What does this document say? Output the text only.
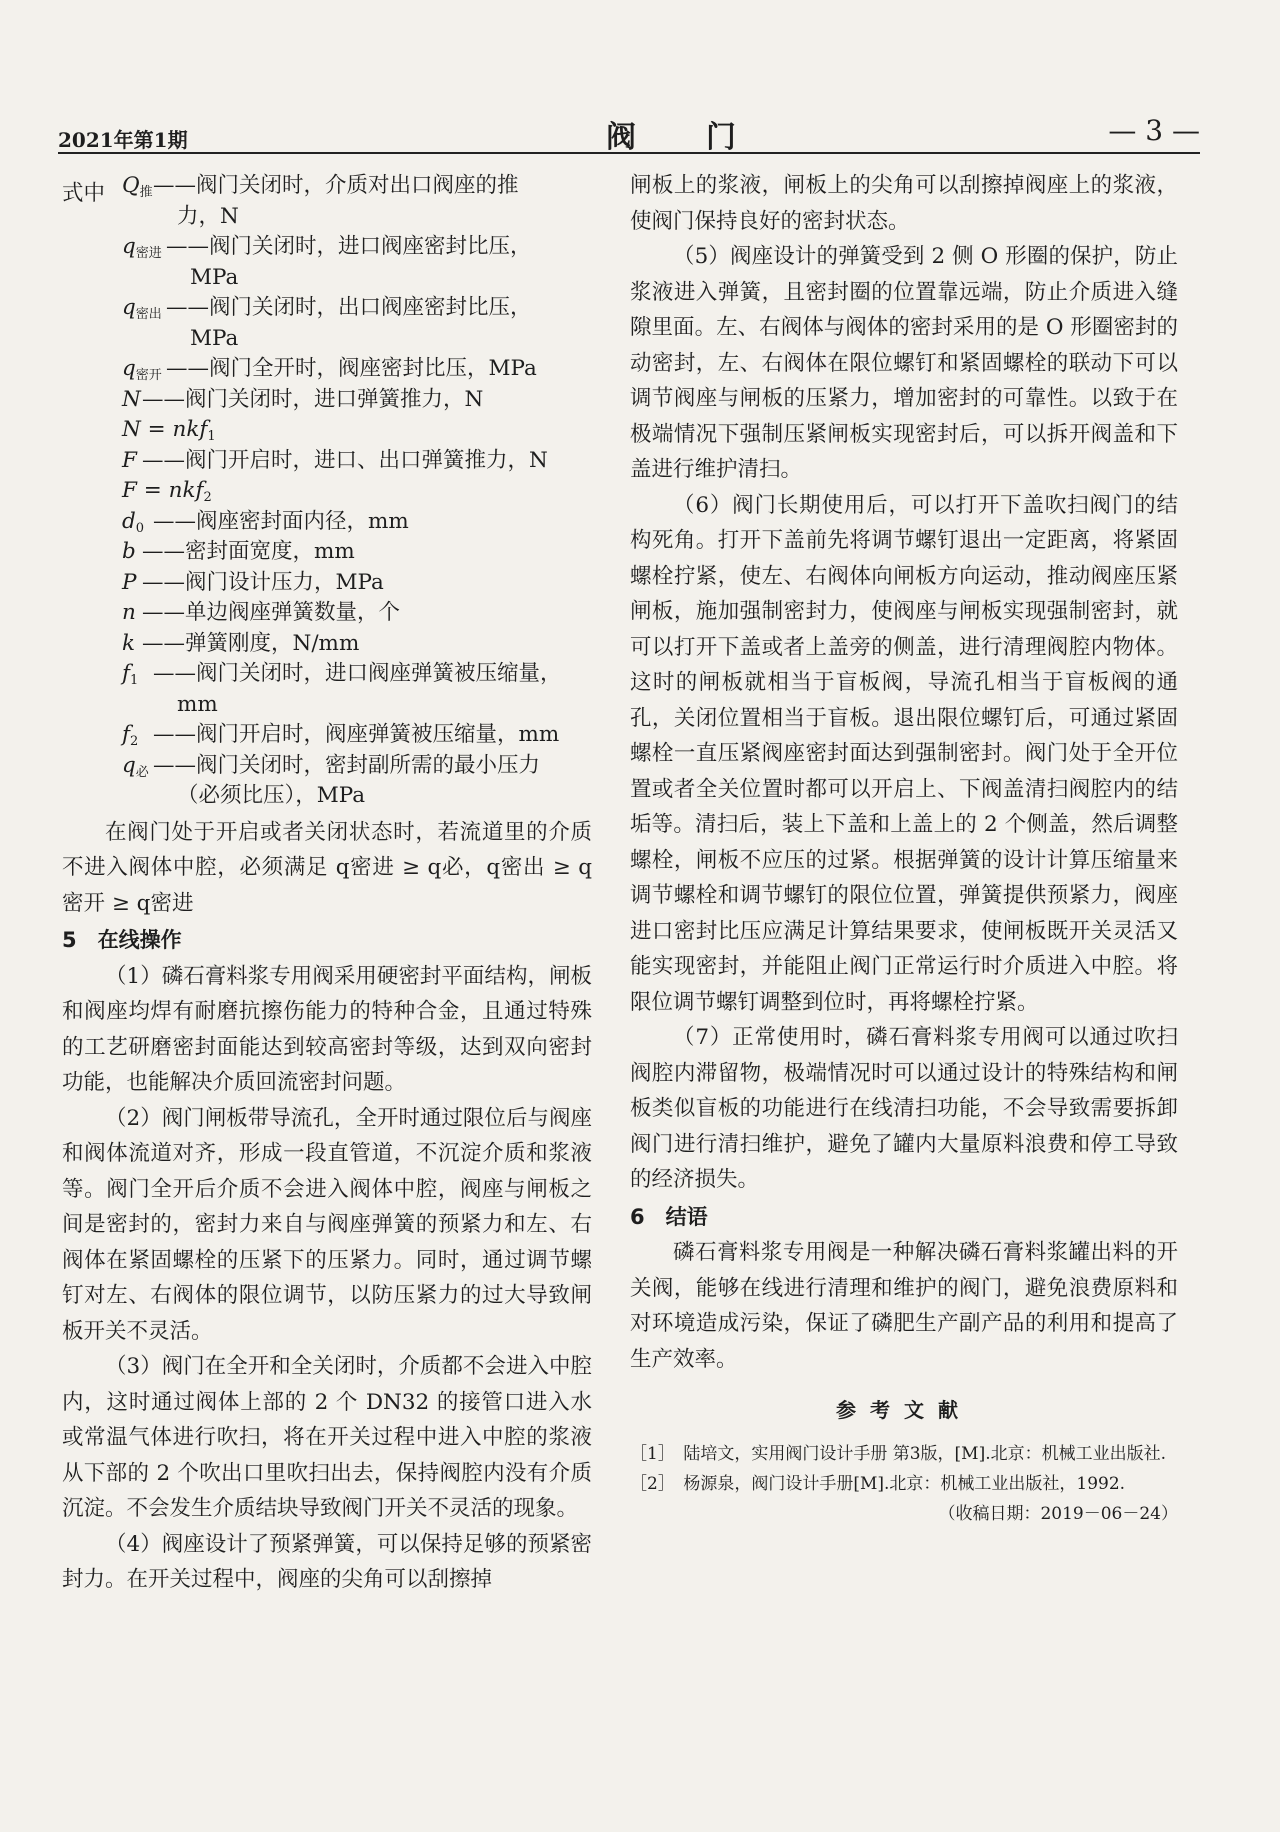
2021年第1期	阀门	— 3 —
式中 $Q_推$ ——阀门关闭时，介质对出口阀座的推
力，N
$q_{密进}$ ——阀门关闭时，进口阀座密封比压，
MPa
$q_{密出}$ ——阀门关闭时，出口阀座密封比压，
MPa
$q_{密开}$ ——阀门全开时，阀座密封比压，MPa
N ——阀门关闭时，进口弹簧推力，N
N = nkf$_1$
F ——阀门开启时，进口、出口弹簧推力，N
F = nkf$_2$
$d_0$ ——阀座密封面内径，mm
b ——密封面宽度，mm
P ——阀门设计压力，MPa
n ——单边阀座弹簧数量，个
k ——弹簧刚度，N/mm
$f_1$ ——阀门关闭时，进口阀座弹簧被压缩量，
mm
$f_2$ ——阀门开启时，阀座弹簧被压缩量，mm
$q_必$ ——阀门关闭时，密封副所需的最小压力
（必须比压），MPa

在阀门处于开启或者关闭状态时，若流道里的介质不进入阀体中腔，必须满足 q密进 ≥ q必，q密出 ≥ q密开 ≥ q密进

5　在线操作

（1）磷石膏料浆专用阀采用硬密封平面结构，闸板和阀座均焊有耐磨抗擦伤能力的特种合金，且通过特殊的工艺研磨密封面能达到较高密封等级，达到双向密封功能，也能解决介质回流密封问题。

（2）阀门闸板带导流孔，全开时通过限位后与阀座和阀体流道对齐，形成一段直管道，不沉淀介质和浆液等。阀门全开后介质不会进入阀体中腔，阀座与闸板之间是密封的，密封力来自与阀座弹簧的预紧力和左、右阀体在紧固螺栓的压紧下的压紧力。同时，通过调节螺钉对左、右阀体的限位调节，以防压紧力的过大导致闸板开关不灵活。

（3）阀门在全开和全关闭时，介质都不会进入中腔内，这时通过阀体上部的 2 个 DN32 的接管口进入水或常温气体进行吹扫，将在开关过程中进入中腔的浆液从下部的 2 个吹出口里吹扫出去，保持阀腔内没有介质沉淀。不会发生介质结块导致阀门开关不灵活的现象。

（4）阀座设计了预紧弹簧，可以保持足够的预紧密封力。在开关过程中，阀座的尖角可以刮擦掉

闸板上的浆液，闸板上的尖角可以刮擦掉阀座上的浆液，使阀门保持良好的密封状态。

（5）阀座设计的弹簧受到 2 侧 O 形圈的保护，防止浆液进入弹簧，且密封圈的位置靠远端，防止介质进入缝隙里面。左、右阀体与阀体的密封采用的是 O 形圈密封的动密封，左、右阀体在限位螺钉和紧固螺栓的联动下可以调节阀座与闸板的压紧力，增加密封的可靠性。以致于在极端情况下强制压紧闸板实现密封后，可以拆开阀盖和下盖进行维护清扫。

（6）阀门长期使用后，可以打开下盖吹扫阀门的结构死角。打开下盖前先将调节螺钉退出一定距离，将紧固螺栓拧紧，使左、右阀体向闸板方向运动，推动阀座压紧闸板，施加强制密封力，使阀座与闸板实现强制密封，就可以打开下盖或者上盖旁的侧盖，进行清理阀腔内物体。这时的闸板就相当于盲板阀，导流孔相当于盲板阀的通孔，关闭位置相当于盲板。退出限位螺钉后，可通过紧固螺栓一直压紧阀座密封面达到强制密封。阀门处于全开位置或者全关位置时都可以开启上、下阀盖清扫阀腔内的结垢等。清扫后，装上下盖和上盖上的 2 个侧盖，然后调整螺栓，闸板不应压的过紧。根据弹簧的设计计算压缩量来调节螺栓和调节螺钉的限位位置，弹簧提供预紧力，阀座进口密封比压应满足计算结果要求，使闸板既开关灵活又能实现密封，并能阻止阀门正常运行时介质进入中腔。将限位调节螺钉调整到位时，再将螺栓拧紧。

（7）正常使用时，磷石膏料浆专用阀可以通过吹扫阀腔内滞留物，极端情况时可以通过设计的特殊结构和闸板类似盲板的功能进行在线清扫功能，不会导致需要拆卸阀门进行清扫维护，避免了罐内大量原料浪费和停工导致的经济损失。

6　结语

磷石膏料浆专用阀是一种解决磷石膏料浆罐出料的开关阀，能够在线进行清理和维护的阀门，避免浪费原料和对环境造成污染，保证了磷肥生产副产品的利用和提高了生产效率。

参考文献

［1］　陆培文，实用阀门设计手册 第3版，[M].北京：机械工业出版社.

［2］　杨源泉，阀门设计手册[M].北京：机械工业出版社，1992.

（收稿日期：2019－06－24）
